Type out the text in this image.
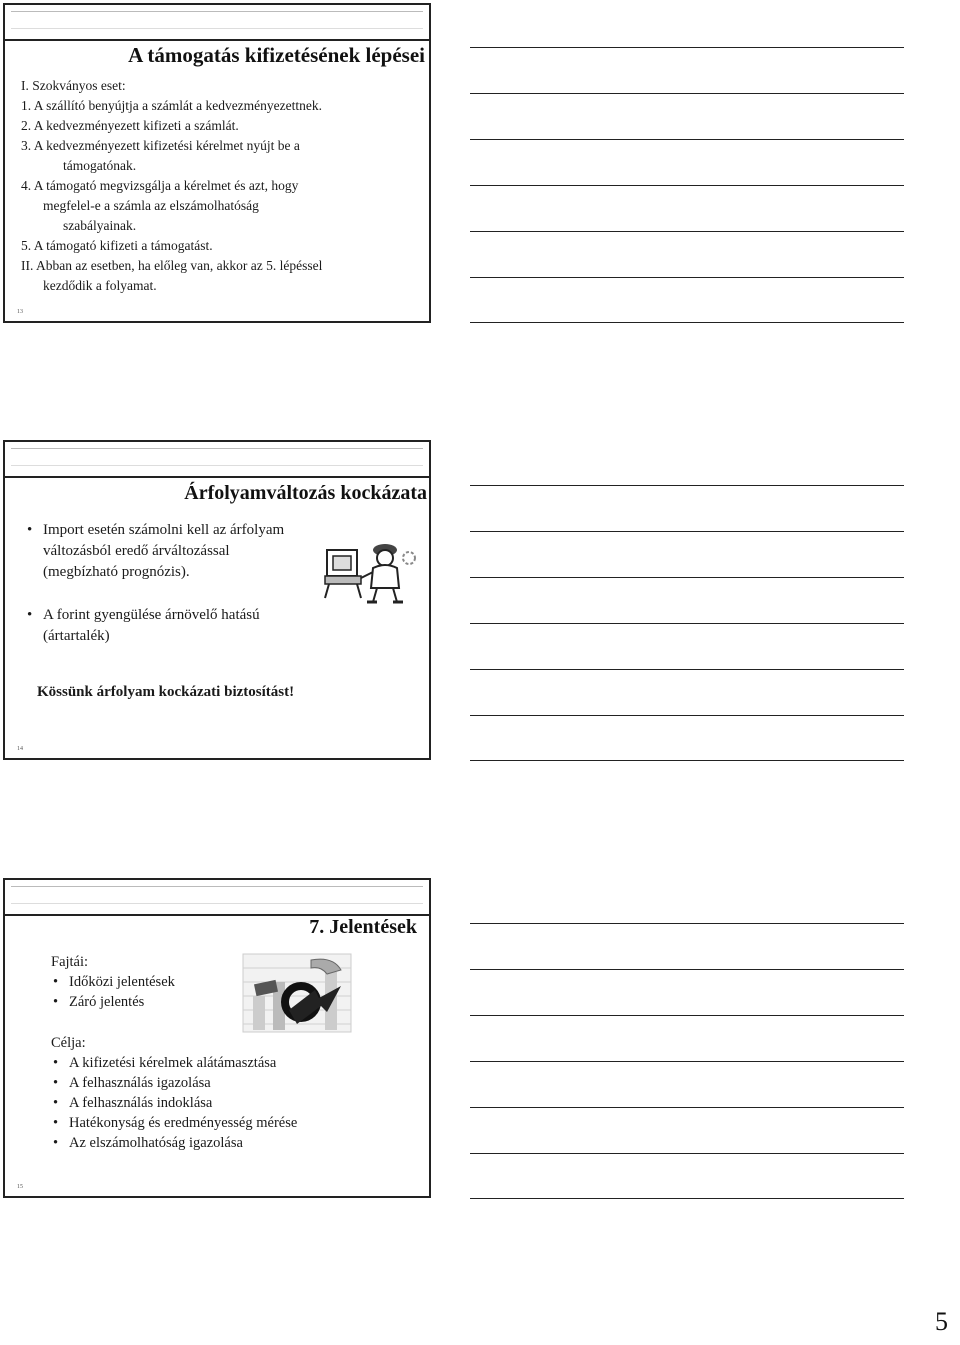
A támogatás kifizetésének lépései

I. Szokványos eset:

1. A szállító benyújtja a számlát a kedvezményezettnek.

2. A kedvezményezett kifizeti a számlát.

3. A kedvezményezett kifizetési kérelmet nyújt be a

támogatónak.

4. A támogató megvizsgálja a kérelmet és azt, hogy

megfelel-e a számla az elszámolhatóság

szabályainak.

5. A támogató kifizeti a támogatást.

II. Abban az esetben, ha előleg van, akkor az 5. lépéssel

kezdődik a folyamat.

13
Árfolyamváltozás kockázata

• Import esetén számolni kell az árfolyam

változásból eredő árváltozással

(megbízható prognózis).

• A forint gyengülése árnövelő hatású

(ártartalék)

Kössünk árfolyam kockázati biztosítást!
14
7. Jelentések

Fajtái:

• Időközi jelentések

• Záró jelentés

Célja:

• A kifizetési kérelmek alátámasztása

• A felhasználás igazolása

• A felhasználás indoklása

• Hatékonyság és eredményesség mérése

• Az elszámolhatóság igazolása

15
5
